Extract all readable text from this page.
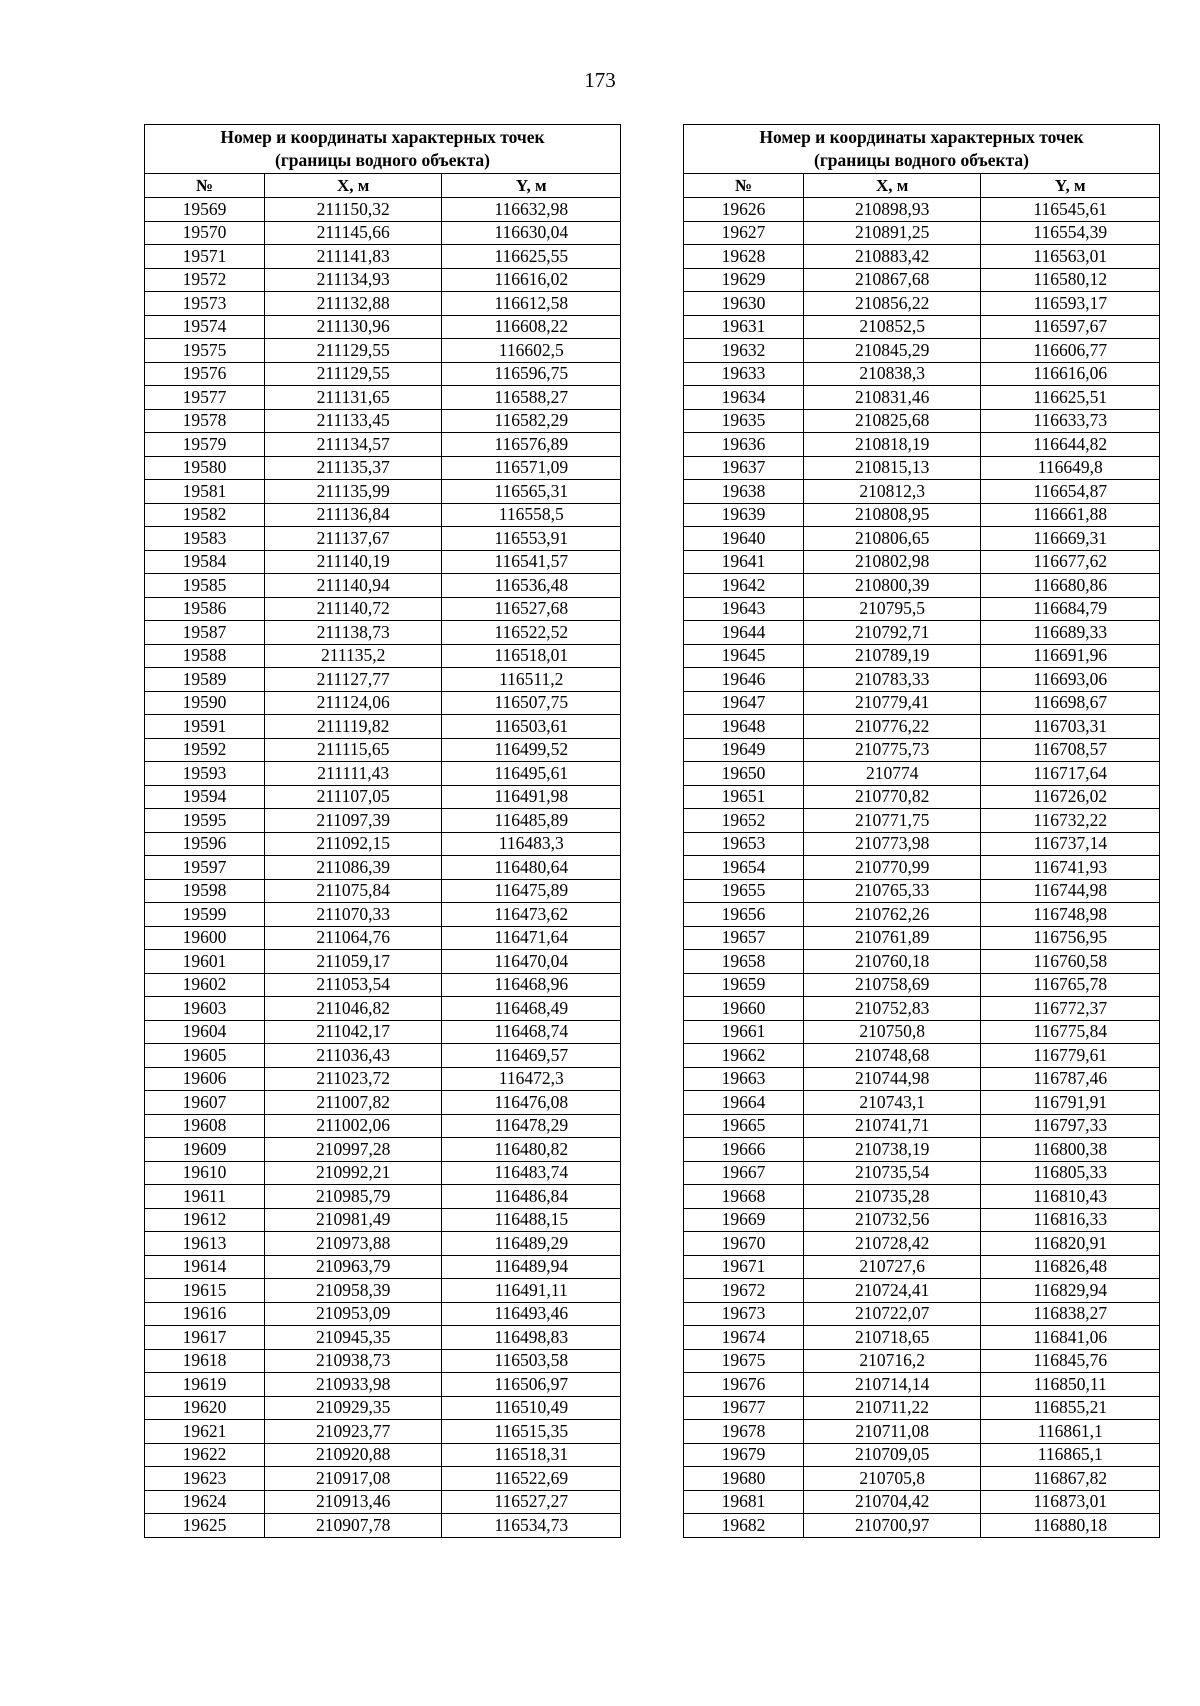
173
Номер и координаты характерных точек
(границы водного объекта)		
№	X, м	Y, м
19569	211150,32	116632,98
19570	211145,66	116630,04
19571	211141,83	116625,55
19572	211134,93	116616,02
19573	211132,88	116612,58
19574	211130,96	116608,22
19575	211129,55	116602,5
19576	211129,55	116596,75
19577	211131,65	116588,27
19578	211133,45	116582,29
19579	211134,57	116576,89
19580	211135,37	116571,09
19581	211135,99	116565,31
19582	211136,84	116558,5
19583	211137,67	116553,91
19584	211140,19	116541,57
19585	211140,94	116536,48
19586	211140,72	116527,68
19587	211138,73	116522,52
19588	211135,2	116518,01
19589	211127,77	116511,2
19590	211124,06	116507,75
19591	211119,82	116503,61
19592	211115,65	116499,52
19593	211111,43	116495,61
19594	211107,05	116491,98
19595	211097,39	116485,89
19596	211092,15	116483,3
19597	211086,39	116480,64
19598	211075,84	116475,89
19599	211070,33	116473,62
19600	211064,76	116471,64
19601	211059,17	116470,04
19602	211053,54	116468,96
19603	211046,82	116468,49
19604	211042,17	116468,74
19605	211036,43	116469,57
19606	211023,72	116472,3
19607	211007,82	116476,08
19608	211002,06	116478,29
19609	210997,28	116480,82
19610	210992,21	116483,74
19611	210985,79	116486,84
19612	210981,49	116488,15
19613	210973,88	116489,29
19614	210963,79	116489,94
19615	210958,39	116491,11
19616	210953,09	116493,46
19617	210945,35	116498,83
19618	210938,73	116503,58
19619	210933,98	116506,97
19620	210929,35	116510,49
19621	210923,77	116515,35
19622	210920,88	116518,31
19623	210917,08	116522,69
19624	210913,46	116527,27
19625	210907,78	116534,73
Номер и координаты характерных точек
(границы водного объекта)		
№	X, м	Y, м
19626	210898,93	116545,61
19627	210891,25	116554,39
19628	210883,42	116563,01
19629	210867,68	116580,12
19630	210856,22	116593,17
19631	210852,5	116597,67
19632	210845,29	116606,77
19633	210838,3	116616,06
19634	210831,46	116625,51
19635	210825,68	116633,73
19636	210818,19	116644,82
19637	210815,13	116649,8
19638	210812,3	116654,87
19639	210808,95	116661,88
19640	210806,65	116669,31
19641	210802,98	116677,62
19642	210800,39	116680,86
19643	210795,5	116684,79
19644	210792,71	116689,33
19645	210789,19	116691,96
19646	210783,33	116693,06
19647	210779,41	116698,67
19648	210776,22	116703,31
19649	210775,73	116708,57
19650	210774	116717,64
19651	210770,82	116726,02
19652	210771,75	116732,22
19653	210773,98	116737,14
19654	210770,99	116741,93
19655	210765,33	116744,98
19656	210762,26	116748,98
19657	210761,89	116756,95
19658	210760,18	116760,58
19659	210758,69	116765,78
19660	210752,83	116772,37
19661	210750,8	116775,84
19662	210748,68	116779,61
19663	210744,98	116787,46
19664	210743,1	116791,91
19665	210741,71	116797,33
19666	210738,19	116800,38
19667	210735,54	116805,33
19668	210735,28	116810,43
19669	210732,56	116816,33
19670	210728,42	116820,91
19671	210727,6	116826,48
19672	210724,41	116829,94
19673	210722,07	116838,27
19674	210718,65	116841,06
19675	210716,2	116845,76
19676	210714,14	116850,11
19677	210711,22	116855,21
19678	210711,08	116861,1
19679	210709,05	116865,1
19680	210705,8	116867,82
19681	210704,42	116873,01
19682	210700,97	116880,18
